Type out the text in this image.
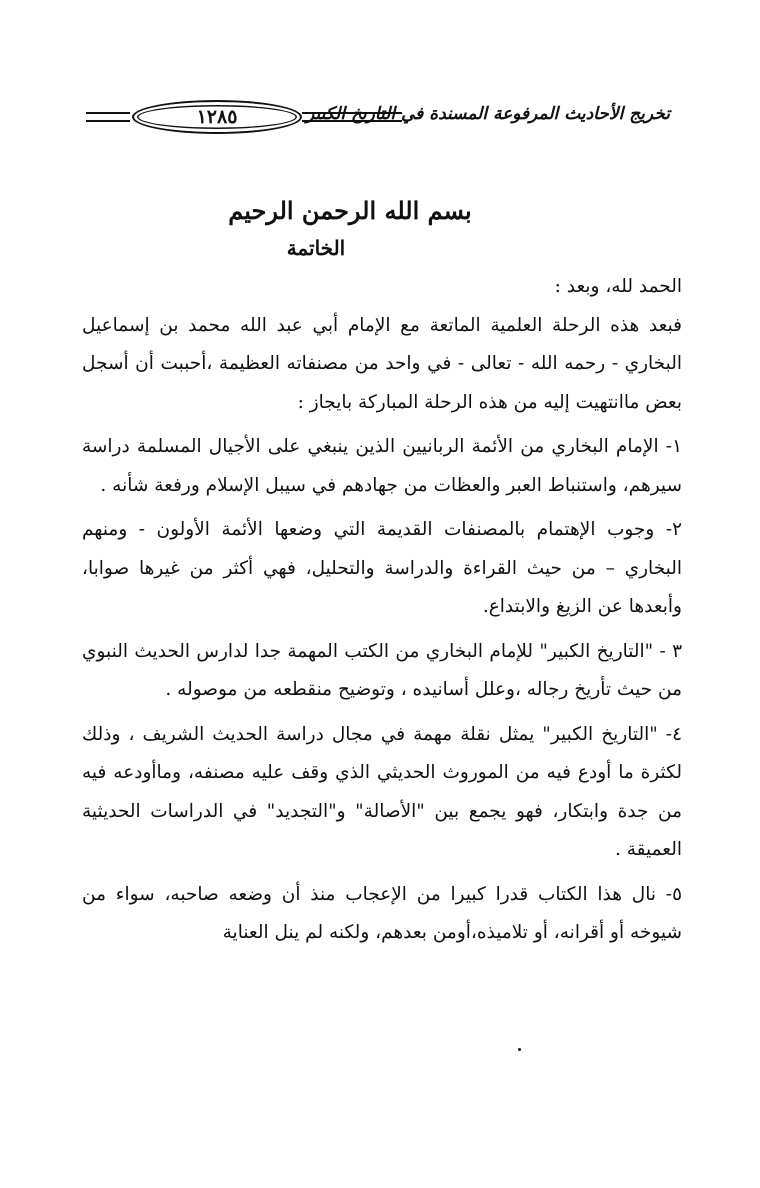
تخريج الأحاديث المرفوعة المسندة في التاريخ الكبير
١٢٨٥
بسم الله الرحمن الرحيم
الخاتمة

الحمد لله، وبعد :

فبعد هذه الرحلة العلمية الماتعة مع الإمام أبي عبد الله محمد بن إسماعيل البخاري - رحمه الله - تعالى - في واحد من مصنفاته العظيمة ،أحببت أن أسجل بعض ماانتهيت إليه من هذه الرحلة المباركة بايجاز :

١- الإمام البخاري من الأئمة الربانيين الذين ينبغي على الأجيال المسلمة دراسة سيرهم، واستنباط العبر والعظات من جهادهم في سيبل الإسلام ورفعة شأنه .

٢- وجوب الإهتمام بالمصنفات القديمة التي وضعها الأئمة الأولون - ومنهم البخاري – من حيث القراءة والدراسة والتحليل، فهي أكثر من غيرها صوابا، وأبعدها عن الزيغ والابتداع.

٣ - "التاريخ الكبير" للإمام البخاري من الكتب المهمة جدا لدارس الحديث النبوي من حيث تأريخ رجاله ،وعلل أسانيده ، وتوضيح منقطعه من موصوله .

٤- "التاريخ الكبير" يمثل نقلة مهمة في مجال دراسة الحديث الشريف ، وذلك لكثرة ما أودع فيه من الموروث الحديثي الذي وقف عليه مصنفه، وماأودعه فيه من جدة وابتكار، فهو يجمع بين "الأصالة" و"التجديد" في الدراسات الحديثية العميقة .

٥- نال هذا الكتاب قدرا كبيرا من الإعجاب منذ أن وضعه صاحبه، سواء من شيوخه أو أقرانه، أو تلاميذه،أومن بعدهم، ولكنه لم ينل العناية
